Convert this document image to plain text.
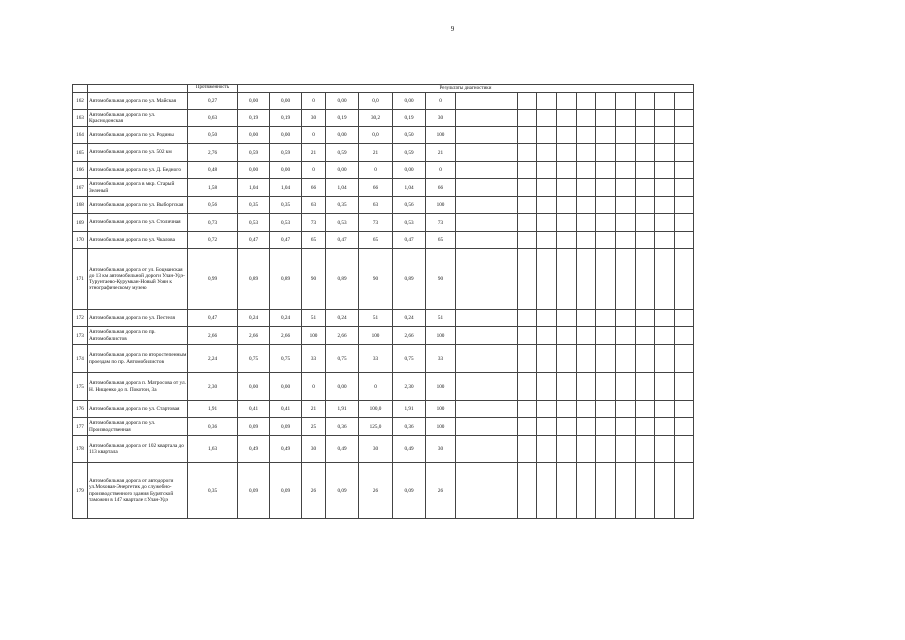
9
		Протяженность	Результаты диагностики																
162	Автомобильная дорога по ул. Майская	0,27	0,00	0,00	0	0,00	0,0	0,00	0										
163	Автомобильная дорога по ул. Краснодонская	0,63	0,19	0,19	30	0,19	30,2	0,19	30										
164	Автомобильная дорога по ул. Родины	0,50	0,00	0,00	0	0,00	0,0	0,50	100										
165	Автомобильная дорога по ул. 502 км	2,76	0,59	0,59	21	0,59	21	0,59	21										
166	Автомобильная дорога по ул. Д. Бедного	0,48	0,00	0,00	0	0,00	0	0,00	0										
167	Автомобильная дорога в мкр. Старый Зеленый	1,58	1,04	1,04	66	1,04	66	1,04	66										
168	Автомобильная дорога по ул. Выборгская	0,56	0,35	0,35	63	0,35	63	0,56	100										
169	Автомобильная дорога по ул. Столичная	0,73	0,53	0,53	73	0,53	73	0,53	73										
170	Автомобильная дорога по ул. Чкалова	0,72	0,47	0,47	65	0,47	65	0,47	65										
171	Автомобильная дорога от ул. Боцманская до 13 км автомобильной дороги Улан-Удэ-Турунтаево-Курумкан-Новый Уоян к этнографическому музею	0,99	0,89	0,89	90	0,89	90	0,89	90										
172	Автомобильная дорога по ул. Пестеля	0,47	0,24	0,24	51	0,24	51	0,24	51										
173	Автомобильная дорога по пр. Автомобилистов	2,66	2,66	2,66	100	2,66	100	2,66	100										
174	Автомобильная дорога по второстепенным проездам по пр. Автомобилистов	2,24	0,75	0,75	33	0,75	33	0,75	33										
175	Автомобильная дорога п. Матросова от ул. Н. Нищенко до п. Покотон, 3а	2,30	0,00	0,00	0	0,00	0	2,30	100										
176	Автомобильная дорога по ул. Стартовая	1,91	0,41	0,41	21	1,91	100,0	1,91	100										
177	Автомобильная дорога по ул. Производственная	0,36	0,09	0,09	25	0,36	125,0	0,36	100										
178	Автомобильная дорога от 102 квартала до 113 квартала	1,63	0,49	0,49	30	0,49	30	0,49	30										
179	Автомобильная дорога от автодороги ул.Моховая-Энергетик до служебно-производственного здания Бурятской таможни в 147 квартале г.Улан-Удэ	0,35	0,09	0,09	26	0,09	26	0,09	26										
